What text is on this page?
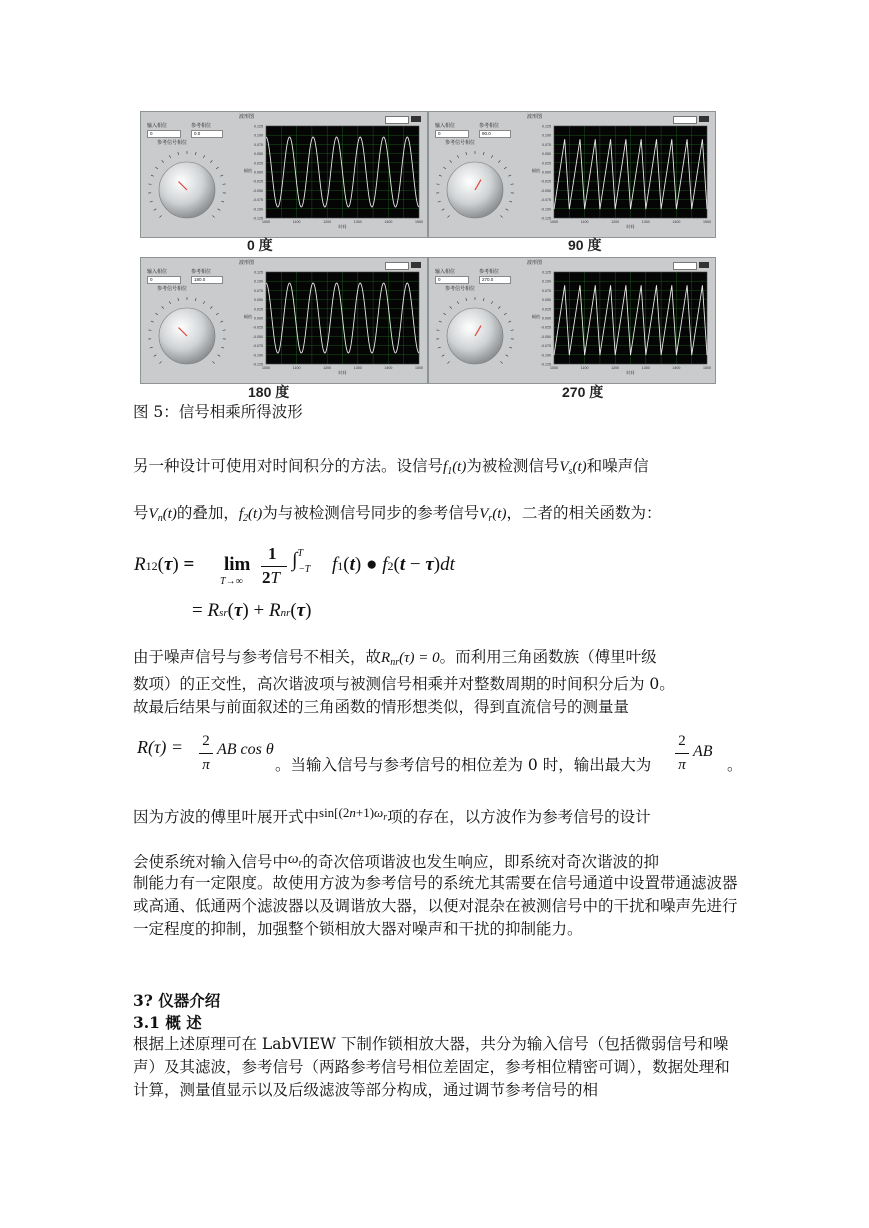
波形图
输入相位	参考相位
0	0.0
参考信号相位
0.125
0.100
0.075
0.050
0.025
0.000
-0.025
-0.050
-0.075
-0.100
-0.125
幅值
1000	1100	1200	1300	1400	1500
时间
0 度
波形图
输入相位	参考相位
0	90.0
参考信号相位
0.125
0.100
0.075
0.050
0.025
0.000
-0.025
-0.050
-0.075
-0.100
-0.125
幅值
1000	1100	1200	1300	1400	1500
时间
90 度
波形图
输入相位	参考相位
0	180.0
参考信号相位
0.125
0.100
0.075
0.050
0.025
0.000
-0.025
-0.050
-0.075
-0.100
-0.125
幅值
1000	1100	1200	1300	1400	1500
时间
180 度
波形图
输入相位	参考相位
0	270.0
参考信号相位
0.125
0.100
0.075
0.050
0.025
0.000
-0.025
-0.050
-0.075
-0.100
-0.125
幅值
1000	1100	1200	1300	1400	1500
时间
270 度

图 5：信号相乘所得波形

另一种设计可使用对时间积分的方法。设信号$f_1(t)$为被检测信号$V_s(t)$和噪声信

号$V_n(t)$的叠加，$f_2(t)$为与被检测信号同步的参考信号$V_r(t)$，二者的相关函数为：

R12(τ) = lim
T→∞
1
2T
∫$^T_{-T}$ f1(t) ● f2(t − τ)dt
= Rsr(τ) + Rnr(τ)

由于噪声信号与参考信号不相关，故$R_{nr}(\tau) = 0$。而利用三角函数族（傅里叶级

数项）的正交性，高次谐波项与被测信号相乘并对整数周期的时间积分后为 0。

故最后结果与前面叙述的三角函数的情形想类似，得到直流信号的测量量

R(τ) = 2

π
AB cos θ
。当输入信号与参考信号的相位差为 0 时，输出最大为
2

π
AB
。

因为方波的傅里叶展开式中$^{sin[(2n+1)\omega_r}$项的存在，以方波作为参考信号的设计

会使系统对输入信号中$\omega_r$的奇次倍项谐波也发生响应，即系统对奇次谐波的抑

制能力有一定限度。故使用方波为参考信号的系统尤其需要在信号通道中设置带通滤波器或高通、低通两个滤波器以及调谐放大器，以便对混杂在被测信号中的干扰和噪声先进行一定程度的抑制，加强整个锁相放大器对噪声和干扰的抑制能力。

3? 仪器介绍
3.1 概 述

根据上述原理可在 LabVIEW 下制作锁相放大器，共分为输入信号（包括微弱信号和噪声）及其滤波，参考信号（两路参考信号相位差固定，参考相位精密可调），数据处理和计算，测量值显示以及后级滤波等部分构成，通过调节参考信号的相
